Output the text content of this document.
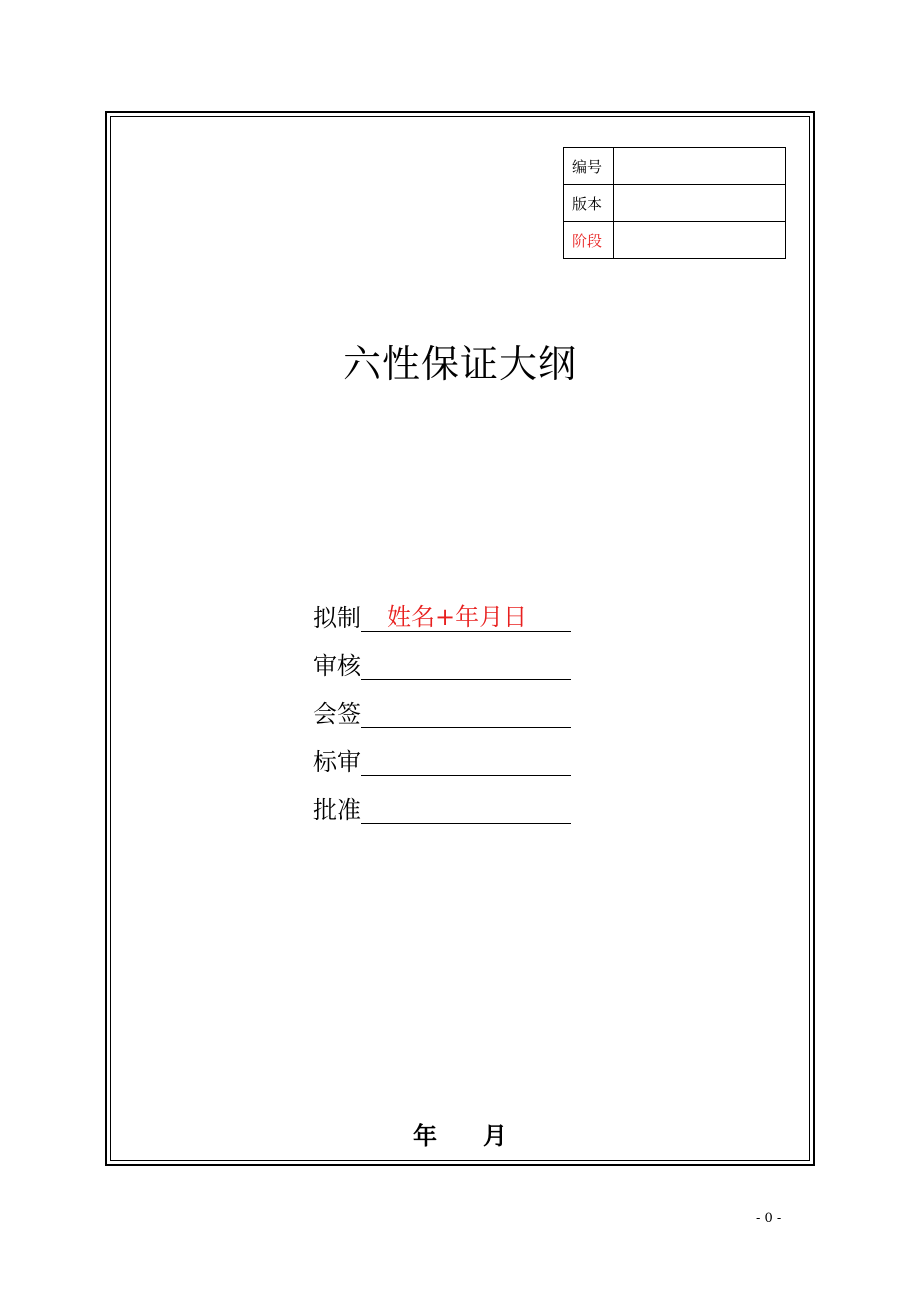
编号	
版本	
阶段	
六性保证大纲
拟制 姓名+年月日
审核
会签
标审
批准
年 月
- 0 -
